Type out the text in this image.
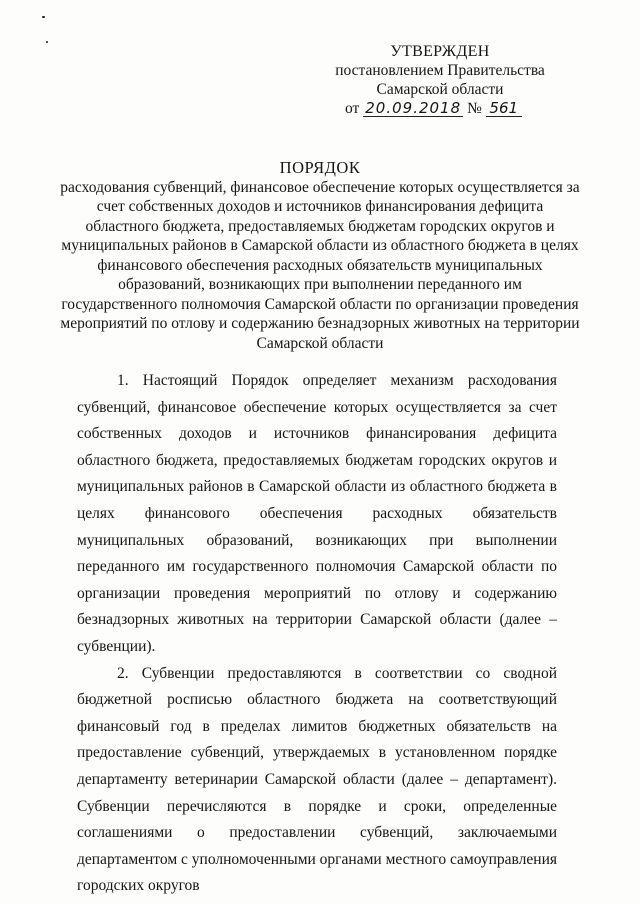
УТВЕРЖДЕН
постановлением Правительства
Самарской области
от 20.09.2018 № 561
ПОРЯДОК
расходования субвенций, финансовое обеспечение которых осуществляется за счет собственных доходов и источников финансирования дефицита областного бюджета, предоставляемых бюджетам городских округов и муниципальных районов в Самарской области из областного бюджета в целях финансового обеспечения расходных обязательств муниципальных образований, возникающих при выполнении переданного им государственного полномочия Самарской области по организации проведения мероприятий по отлову и содержанию безнадзорных животных на территории Самарской области

1. Настоящий Порядок определяет механизм расходования субвенций, финансовое обеспечение которых осуществляется за счет собственных доходов и источников финансирования дефицита областного бюджета, предоставляемых бюджетам городских округов и муниципальных районов в Самарской области из областного бюджета в целях финансового обеспечения расходных обязательств муниципальных образований, возникающих при выполнении переданного им государственного полномочия Самарской области по организации проведения мероприятий по отлову и содержанию безнадзорных животных на территории Самарской области (далее – субвенции).

2. Субвенции предоставляются в соответствии со сводной бюджетной росписью областного бюджета на соответствующий финансовый год в пределах лимитов бюджетных обязательств на предоставление субвенций, утверждаемых в установленном порядке департаменту ветеринарии Самарской области (далее – департамент). Субвенции перечисляются в порядке и сроки, определенные соглашениями о предоставлении субвенций, заключаемыми департаментом с уполномоченными органами местного самоуправления городских округов
